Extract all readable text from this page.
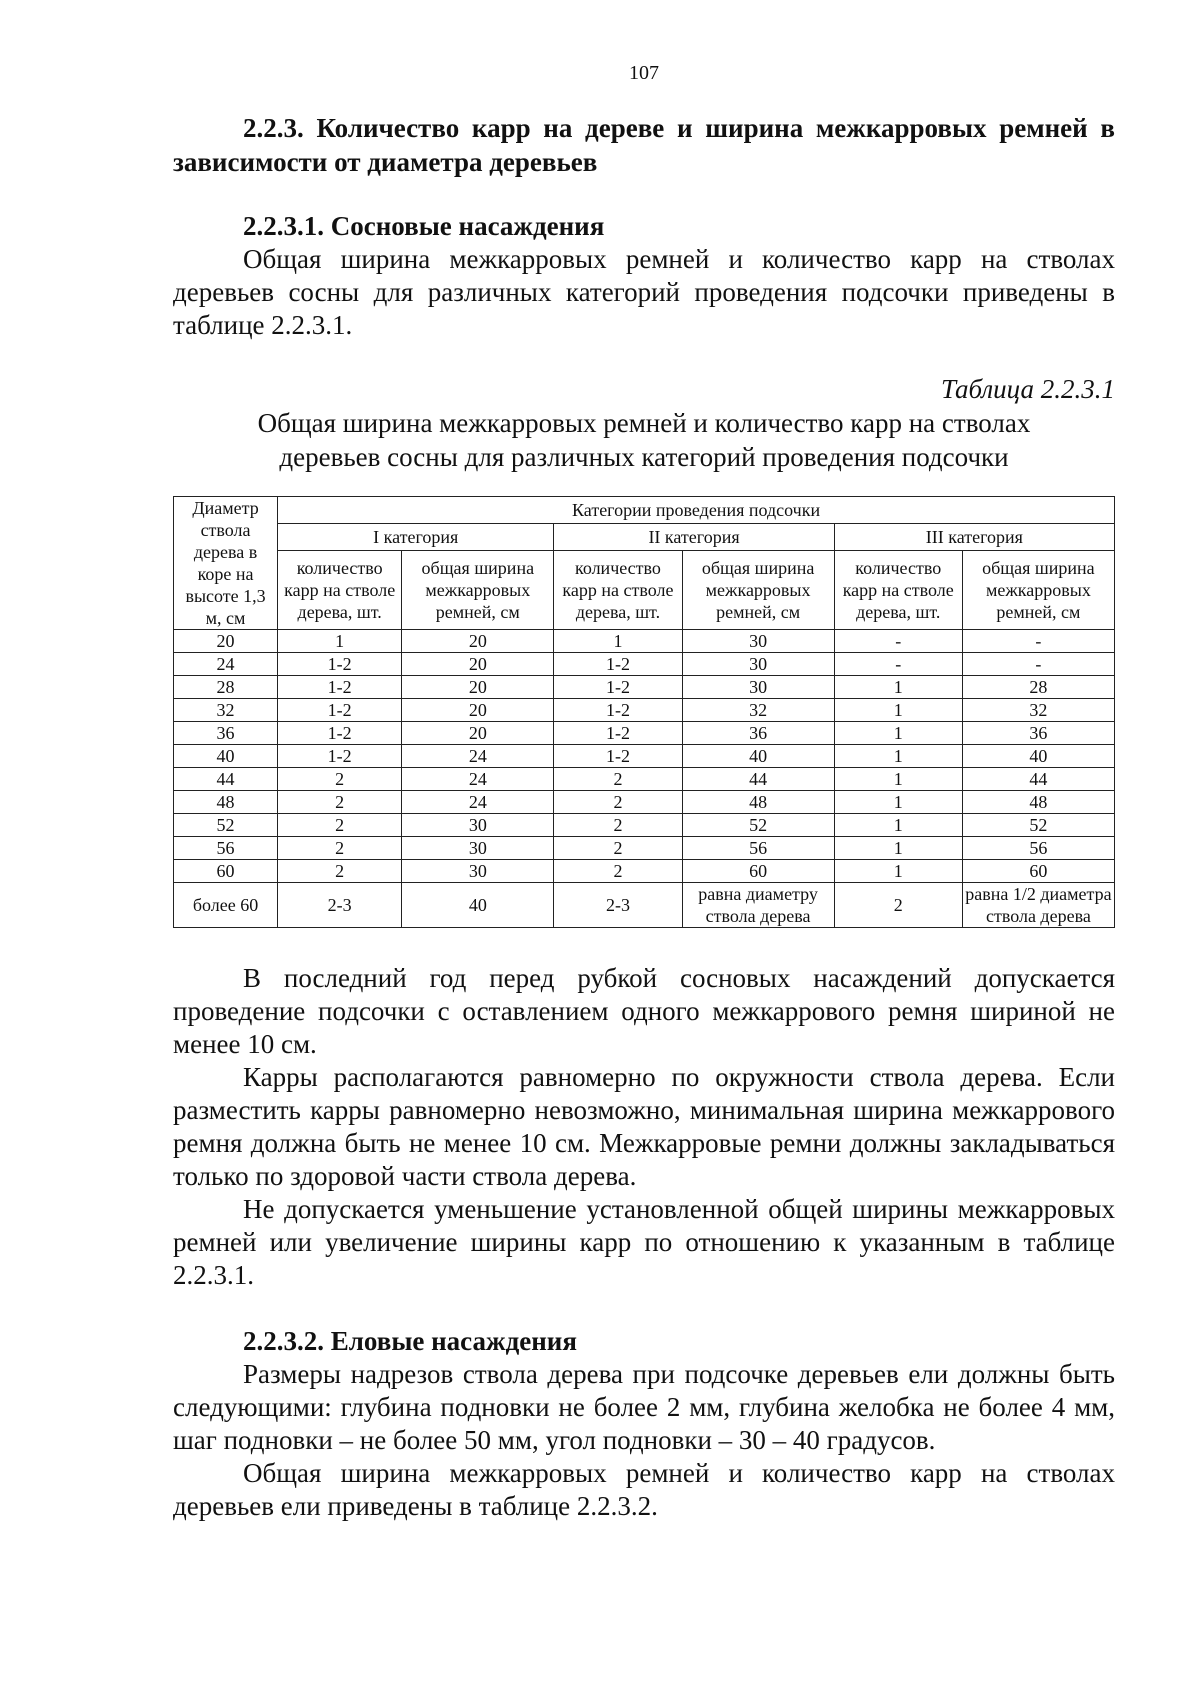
107

2.2.3. Количество карр на дереве и ширина межкарровых ремней в зависимости от диаметра деревьев

2.2.3.1. Сосновые насаждения

Общая ширина межкарровых ремней и количество карр на стволах деревьев сосны для различных категорий проведения подсочки приведены в таблице 2.2.3.1.

Таблица 2.2.3.1

Общая ширина межкарровых ремней и количество карр на стволах

деревьев сосны для различных категорий проведения подсочки

Диаметр ствола дерева в коре на высоте 1,3 м, см	Категории проведения подсочки					
	I категория		II категория		III категория	
	количество карр на стволе дерева, шт.	общая ширина межкарровых ремней, см	количество карр на стволе дерева, шт.	общая ширина межкарровых ремней, см	количество карр на стволе дерева, шт.	общая ширина межкарровых ремней, см
20	1	20	1	30	-	-
24	1-2	20	1-2	30	-	-
28	1-2	20	1-2	30	1	28
32	1-2	20	1-2	32	1	32
36	1-2	20	1-2	36	1	36
40	1-2	24	1-2	40	1	40
44	2	24	2	44	1	44
48	2	24	2	48	1	48
52	2	30	2	52	1	52
56	2	30	2	56	1	56
60	2	30	2	60	1	60
более 60	2-3	40	2-3	равна диаметру ствола дерева	2	равна 1/2 диаметра ствола дерева

В последний год перед рубкой сосновых насаждений допускается проведение подсочки с оставлением одного межкаррового ремня шириной не менее 10 см.

Карры располагаются равномерно по окружности ствола дерева. Если разместить карры равномерно невозможно, минимальная ширина межкаррового ремня должна быть не менее 10 см. Межкарровые ремни должны закладываться только по здоровой части ствола дерева.

Не допускается уменьшение установленной общей ширины межкарровых ремней или увеличение ширины карр по отношению к указанным в таблице 2.2.3.1.

2.2.3.2. Еловые насаждения

Размеры надрезов ствола дерева при подсочке деревьев ели должны быть следующими: глубина подновки не более 2 мм, глубина желобка не более 4 мм, шаг подновки – не более 50 мм, угол подновки – 30 – 40 градусов.

Общая ширина межкарровых ремней и количество карр на стволах деревьев ели приведены в таблице 2.2.3.2.
